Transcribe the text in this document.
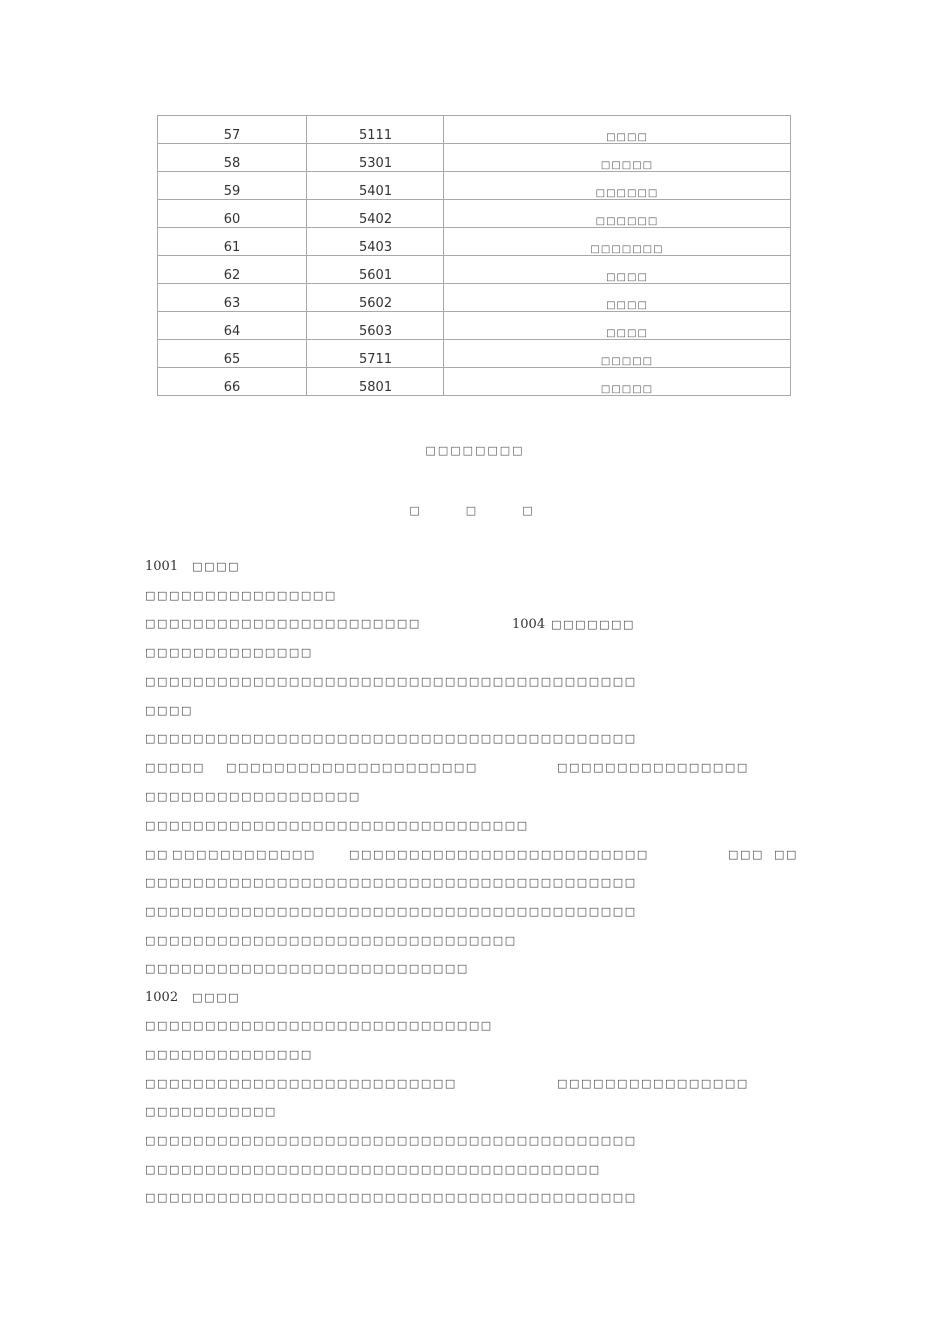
57	5111	□□□□
58	5301	□□□□□
59	5401	□□□□□□
60	5402	□□□□□□
61	5403	□□□□□□□
62	5601	□□□□
63	5602	□□□□
64	5603	□□□□
65	5711	□□□□□
66	5801	□□□□□
□□□□□□□□
□　　□　　□
1001 □□□□
□□□□□□□□□□□□□□□□
□□□□□□□□□□□□□□□□□□□□□□□	1004 □□□□□□□
□□□□□□□□□□□□□□
□□□□□□□□□□□□□□□□□□□□□□□□□□□□□□□□□□□□□□□□□
□□□□
□□□□□□□□□□□□□□□□□□□□□□□□□□□□□□□□□□□□□□□□□
□□□□□ □□□□□□□□□□□□□□□□□□□□□	□□□□□□□□□□□□□□□□
□□□□□□□□□□□□□□□□□□
□□□□□□□□□□□□□□□□□□□□□□□□□□□□□□□□
□□ □□□□□□□□□□□□	□□□□□□□□□□□□□□□□□□□□□□□□□	□□□ □□
□□□□□□□□□□□□□□□□□□□□□□□□□□□□□□□□□□□□□□□□□
□□□□□□□□□□□□□□□□□□□□□□□□□□□□□□□□□□□□□□□□□
□□□□□□□□□□□□□□□□□□□□□□□□□□□□□□□
□□□□□□□□□□□□□□□□□□□□□□□□□□□
1002 □□□□
□□□□□□□□□□□□□□□□□□□□□□□□□□□□□
□□□□□□□□□□□□□□
□□□□□□□□□□□□□□□□□□□□□□□□□□	□□□□□□□□□□□□□□□□
□□□□□□□□□□□
□□□□□□□□□□□□□□□□□□□□□□□□□□□□□□□□□□□□□□□□□
□□□□□□□□□□□□□□□□□□□□□□□□□□□□□□□□□□□□□□
□□□□□□□□□□□□□□□□□□□□□□□□□□□□□□□□□□□□□□□□□
